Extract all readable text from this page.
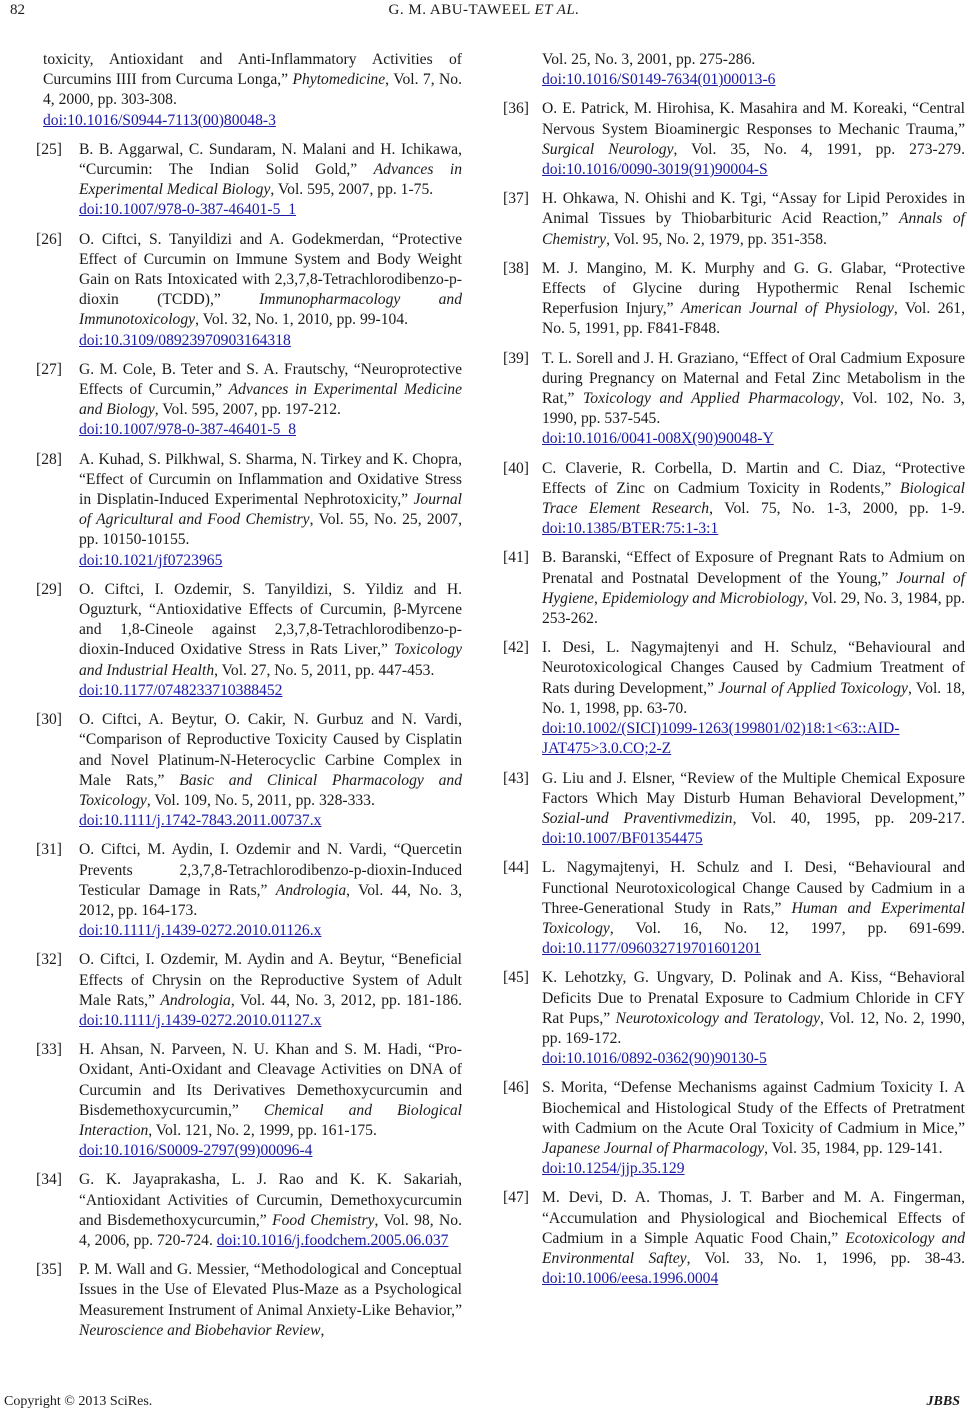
82	G. M. ABU-TAWEEL ET AL.
toxicity, Antioxidant and Anti-Inflammatory Activities of Curcumins IIII from Curcuma Longa,” Phytomedicine, Vol. 7, No. 4, 2000, pp. 303-308.
doi:10.1016/S0944-7113(00)80048-3
[25] B. B. Aggarwal, C. Sundaram, N. Malani and H. Ichikawa, “Curcumin: The Indian Solid Gold,” Advances in Experimental Medical Biology, Vol. 595, 2007, pp. 1-75.
doi:10.1007/978-0-387-46401-5_1
[26] O. Ciftci, S. Tanyildizi and A. Godekmerdan, “Protective Effect of Curcumin on Immune System and Body Weight Gain on Rats Intoxicated with 2,3,7,8-Tetrachlorodibenzo-p-dioxin (TCDD),” Immunopharmacology and Immunotoxicology, Vol. 32, No. 1, 2010, pp. 99-104.
doi:10.3109/08923970903164318
[27] G. M. Cole, B. Teter and S. A. Frautschy, “Neuroprotective Effects of Curcumin,” Advances in Experimental Medicine and Biology, Vol. 595, 2007, pp. 197-212.
doi:10.1007/978-0-387-46401-5_8
[28] A. Kuhad, S. Pilkhwal, S. Sharma, N. Tirkey and K. Chopra, “Effect of Curcumin on Inflammation and Oxidative Stress in Displatin-Induced Experimental Nephrotoxicity,” Journal of Agricultural and Food Chemistry, Vol. 55, No. 25, 2007, pp. 10150-10155.
doi:10.1021/jf0723965
[29] O. Ciftci, I. Ozdemir, S. Tanyildizi, S. Yildiz and H. Oguzturk, “Antioxidative Effects of Curcumin, β-Myrcene and 1,8-Cineole against 2,3,7,8-Tetrachlorodibenzo-p-dioxin-Induced Oxidative Stress in Rats Liver,” Toxicology and Industrial Health, Vol. 27, No. 5, 2011, pp. 447-453.
doi:10.1177/0748233710388452
[30] O. Ciftci, A. Beytur, O. Cakir, N. Gurbuz and N. Vardi, “Comparison of Reproductive Toxicity Caused by Cisplatin and Novel Platinum-N-Heterocyclic Carbine Complex in Male Rats,” Basic and Clinical Pharmacology and Toxicology, Vol. 109, No. 5, 2011, pp. 328-333.
doi:10.1111/j.1742-7843.2011.00737.x
[31] O. Ciftci, M. Aydin, I. Ozdemir and N. Vardi, “Quercetin Prevents 2,3,7,8-Tetrachlorodibenzo-p-dioxin-Induced Testicular Damage in Rats,” Andrologia, Vol. 44, No. 3, 2012, pp. 164-173.
doi:10.1111/j.1439-0272.2010.01126.x
[32] O. Ciftci, I. Ozdemir, M. Aydin and A. Beytur, “Beneficial Effects of Chrysin on the Reproductive System of Adult Male Rats,” Andrologia, Vol. 44, No. 3, 2012, pp. 181-186. doi:10.1111/j.1439-0272.2010.01127.x
[33] H. Ahsan, N. Parveen, N. U. Khan and S. M. Hadi, “Pro-Oxidant, Anti-Oxidant and Cleavage Activities on DNA of Curcumin and Its Derivatives Demethoxycurcumin and Bisdemethoxycurcumin,” Chemical and Biological Interaction, Vol. 121, No. 2, 1999, pp. 161-175.
doi:10.1016/S0009-2797(99)00096-4
[34] G. K. Jayaprakasha, L. J. Rao and K. K. Sakariah, “Antioxidant Activities of Curcumin, Demethoxycurcumin and Bisdemethoxycurcumin,” Food Chemistry, Vol. 98, No. 4, 2006, pp. 720-724. doi:10.1016/j.foodchem.2005.06.037
[35] P. M. Wall and G. Messier, “Methodological and Conceptual Issues in the Use of Elevated Plus-Maze as a Psychological Measurement Instrument of Animal Anxiety-Like Behavior,” Neuroscience and Biobehavior Review,
Vol. 25, No. 3, 2001, pp. 275-286.
doi:10.1016/S0149-7634(01)00013-6
[36] O. E. Patrick, M. Hirohisa, K. Masahira and M. Koreaki, “Central Nervous System Bioaminergic Responses to Mechanic Trauma,” Surgical Neurology, Vol. 35, No. 4, 1991, pp. 273-279. doi:10.1016/0090-3019(91)90004-S
[37] H. Ohkawa, N. Ohishi and K. Tgi, “Assay for Lipid Peroxides in Animal Tissues by Thiobarbituric Acid Reaction,” Annals of Chemistry, Vol. 95, No. 2, 1979, pp. 351-358.
[38] M. J. Mangino, M. K. Murphy and G. G. Glabar, “Protective Effects of Glycine during Hypothermic Renal Ischemic Reperfusion Injury,” American Journal of Physiology, Vol. 261, No. 5, 1991, pp. F841-F848.
[39] T. L. Sorell and J. H. Graziano, “Effect of Oral Cadmium Exposure during Pregnancy on Maternal and Fetal Zinc Metabolism in the Rat,” Toxicology and Applied Pharmacology, Vol. 102, No. 3, 1990, pp. 537-545.
doi:10.1016/0041-008X(90)90048-Y
[40] C. Claverie, R. Corbella, D. Martin and C. Diaz, “Protective Effects of Zinc on Cadmium Toxicity in Rodents,” Biological Trace Element Research, Vol. 75, No. 1-3, 2000, pp. 1-9. doi:10.1385/BTER:75:1-3:1
[41] B. Baranski, “Effect of Exposure of Pregnant Rats to Admium on Prenatal and Postnatal Development of the Young,” Journal of Hygiene, Epidemiology and Microbiology, Vol. 29, No. 3, 1984, pp. 253-262.
[42] I. Desi, L. Nagymajtenyi and H. Schulz, “Behavioural and Neurotoxicological Changes Caused by Cadmium Treatment of Rats during Development,” Journal of Applied Toxicology, Vol. 18, No. 1, 1998, pp. 63-70.
doi:10.1002/(SICI)1099-1263(199801/02)18:1<63::AID-JAT475>3.0.CO;2-Z
[43] G. Liu and J. Elsner, “Review of the Multiple Chemical Exposure Factors Which May Disturb Human Behavioral Development,” Sozial-und Praventivmedizin, Vol. 40, 1995, pp. 209-217. doi:10.1007/BF01354475
[44] L. Nagymajtenyi, H. Schulz and I. Desi, “Behavioural and Functional Neurotoxicological Change Caused by Cadmium in a Three-Generational Study in Rats,” Human and Experimental Toxicology, Vol. 16, No. 12, 1997, pp. 691-699. doi:10.1177/096032719701601201
[45] K. Lehotzky, G. Ungvary, D. Polinak and A. Kiss, “Behavioral Deficits Due to Prenatal Exposure to Cadmium Chloride in CFY Rat Pups,” Neurotoxicology and Teratology, Vol. 12, No. 2, 1990, pp. 169-172.
doi:10.1016/0892-0362(90)90130-5
[46] S. Morita, “Defense Mechanisms against Cadmium Toxicity I. A Biochemical and Histological Study of the Effects of Pretratment with Cadmium on the Acute Oral Toxicity of Cadmium in Mice,” Japanese Journal of Pharmacology, Vol. 35, 1984, pp. 129-141.
doi:10.1254/jjp.35.129
[47] M. Devi, D. A. Thomas, J. T. Barber and M. A. Fingerman, “Accumulation and Physiological and Biochemical Effects of Cadmium in a Simple Aquatic Food Chain,” Ecotoxicology and Environmental Saftey, Vol. 33, No. 1, 1996, pp. 38-43. doi:10.1006/eesa.1996.0004
Copyright © 2013 SciRes.	JBBS
